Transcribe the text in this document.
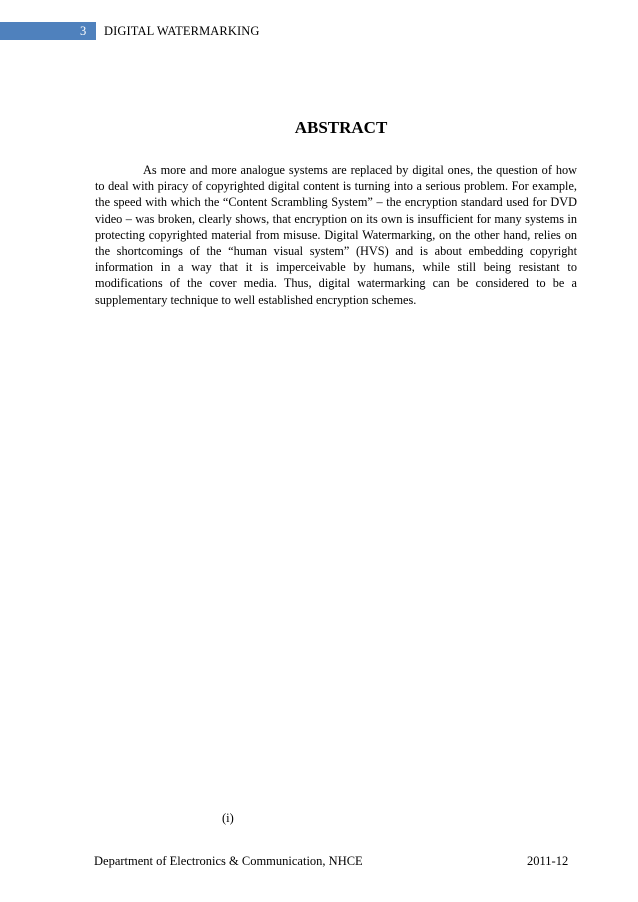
3 DIGITAL WATERMARKING
ABSTRACT

As more and more analogue systems are replaced by digital ones, the question of how to deal with piracy of copyrighted digital content is turning into a serious problem. For example, the speed with which the “Content Scrambling System” – the encryption standard used for DVD video – was broken, clearly shows, that encryption on its own is insufficient for many systems in protecting copyrighted material from misuse. Digital Watermarking, on the other hand, relies on the shortcomings of the “human visual system” (HVS) and is about embedding copyright information in a way that it is imperceivable by humans, while still being resistant to modifications of the cover media. Thus, digital watermarking can be considered to be a supplementary technique to well established encryption schemes.

(i)
Department of Electronics & Communication, NHCE	2011-12
